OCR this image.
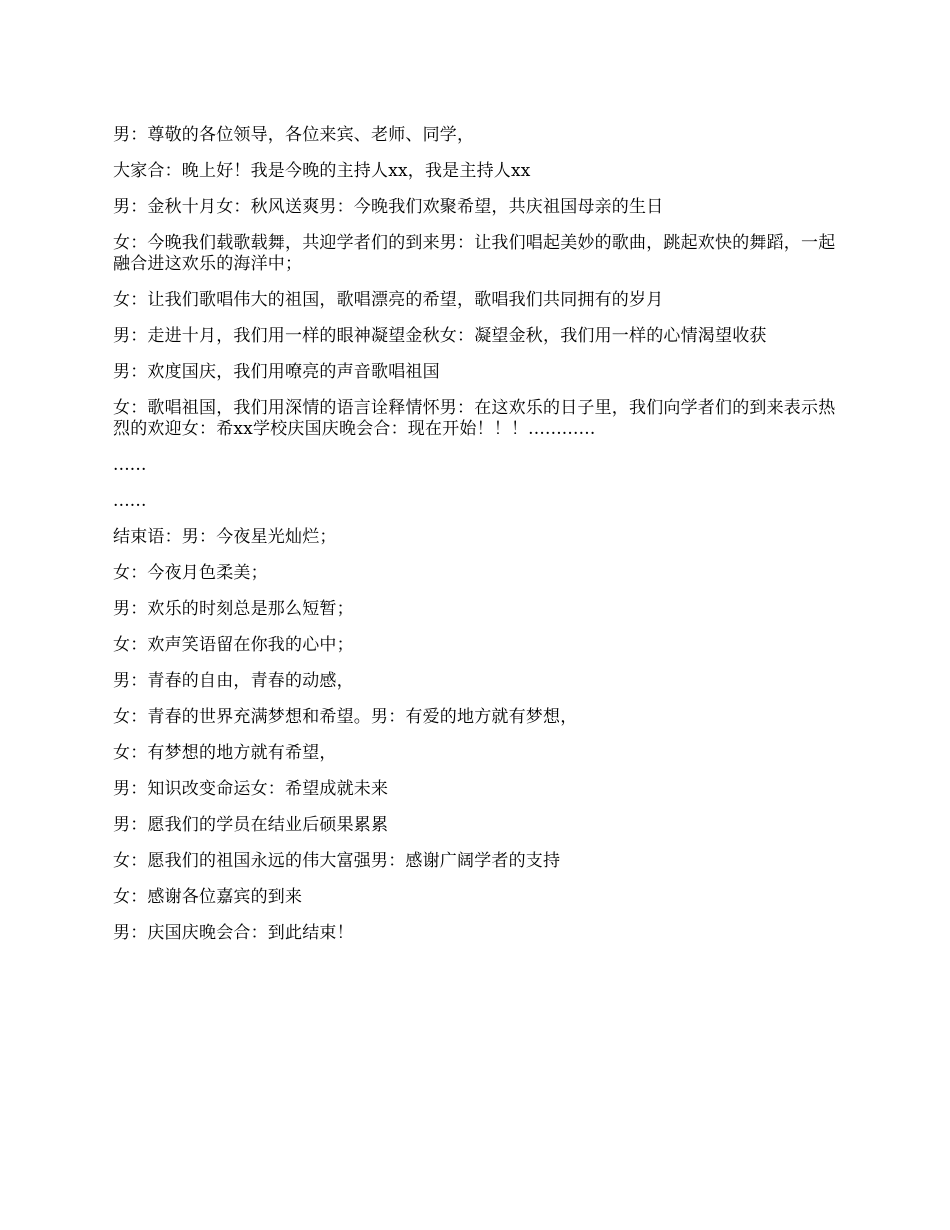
男：尊敬的各位领导，各位来宾、老师、同学，

大家合：晚上好！我是今晚的主持人xx，我是主持人xx

男：金秋十月女：秋风送爽男：今晚我们欢聚希望，共庆祖国母亲的生日

女：今晚我们载歌载舞，共迎学者们的到来男：让我们唱起美妙的歌曲，跳起欢快的舞蹈，一起融合进这欢乐的海洋中；

女：让我们歌唱伟大的祖国，歌唱漂亮的希望，歌唱我们共同拥有的岁月

男：走进十月，我们用一样的眼神凝望金秋女：凝望金秋，我们用一样的心情渴望收获

男：欢度国庆，我们用嘹亮的声音歌唱祖国

女：歌唱祖国，我们用深情的语言诠释情怀男：在这欢乐的日子里，我们向学者们的到来表示热烈的欢迎女：希xx学校庆国庆晚会合：现在开始！！！............

......

......

结束语：男：今夜星光灿烂；

女：今夜月色柔美；

男：欢乐的时刻总是那么短暂；

女：欢声笑语留在你我的心中；

男：青春的自由，青春的动感，

女：青春的世界充满梦想和希望。男：有爱的地方就有梦想，

女：有梦想的地方就有希望，

男：知识改变命运女：希望成就未来

男：愿我们的学员在结业后硕果累累

女：愿我们的祖国永远的伟大富强男：感谢广阔学者的支持

女：感谢各位嘉宾的到来

男：庆国庆晚会合：到此结束！
